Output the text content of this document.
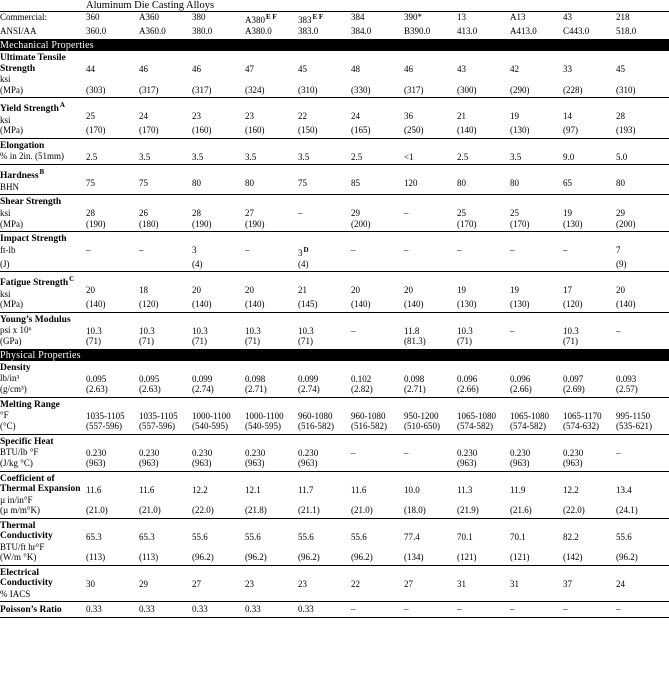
	Aluminum Die Casting Alloys										
Commercial:	360	A360	380	A380$^{E F}$	383$^{E F}$	384	390*	13	A13	43	218
ANSI/AA	360.0	A360.0	380.0	A380.0	383.0	384.0	B390.0	413.0	A413.0	C443.0	518.0
Mechanical Properties											

Ultimate Tensile Strength
ksi	44	46	46	47	45	48	46	43	42	33	45
(MPa)	(303)	(317)	(317)	(324)	(310)	(330)	(317)	(300)	(290)	(228)	(310)

Yield Strength$^A$
ksi	25	24	23	23	22	24	36	21	19	14	28
(MPa)	(170)	(170)	(160)	(160)	(150)	(165)	(250)	(140)	(130)	(97)	(193)

Elongation
% in 2in. (51mm)	2.5	3.5	3.5	3.5	3.5	2.5	<1	2.5	3.5	9.0	5.0

Hardness$^B$
BHN	75	75	80	80	75	85	120	80	80	65	80

Shear Strength
ksi	28	26	28	27	–	29	–	25	25	19	29
(MPa)	(190)	(180)	(190)	(190)		(200)		(170)	(170)	(130)	(200)

Impact Strength
ft-lb	–	–	3	–	3$^D$	–	–	–	–	–	7
(J)			(4)		(4)						(9)

Fatigue Strength$^C$
ksi	20	18	20	20	21	20	20	19	19	17	20
(MPa)	(140)	(120)	(140)	(140)	(145)	(140)	(140)	(130)	(130)	(120)	(140)

Young’s Modulus
psi x 10⁶	10.3	10.3	10.3	10.3	10.3	–	11.8	10.3	–	10.3	–
(GPa)	(71)	(71)	(71)	(71)	(71)		(81.3)	(71)		(71)	
Physical Properties											

Density
lb/in³	0.095	0.095	0.099	0.098	0.099	0.102	0.098	0.096	0.096	0.097	0.093
(g/cm³)	(2.63)	(2.63)	(2.74)	(2.71)	(2.74)	(2.82)	(2.71)	(2.66)	(2.66)	(2.69)	(2.57)

Melting Range
°F	1035-1105	1035-1105	1000-1100	1000-1100	960-1080	960-1080	950-1200	1065-1080	1065-1080	1065-1170	995-1150
(°C)	(557-596)	(557-596)	(540-595)	(540-595)	(516-582)	(516-582)	(510-650)	(574-582)	(574-582)	(574-632)	(535-621)

Specific Heat
BTU/lb °F	0.230	0.230	0.230	0.230	0.230	–	–	0.230	0.230	0.230	–
(J/kg °C)	(963)	(963)	(963)	(963)	(963)			(963)	(963)	(963)	

Coefficient of Thermal Expansion
µ in/in°F	11.6	11.6	12.2	12.1	11.7	11.6	10.0	11.3	11.9	12.2	13.4
(µ m/m°K)	(21.0)	(21.0)	(22.0)	(21.8)	(21.1)	(21.0)	(18.0)	(21.9)	(21.6)	(22.0)	(24.1)

Thermal Conductivity
BTU/ft hr°F	65.3	65.3	55.6	55.6	55.6	55.6	77.4	70.1	70.1	82.2	55.6
(W/m °K)	(113)	(113)	(96.2)	(96.2)	(96.2)	(96.2)	(134)	(121)	(121)	(142)	(96.2)

Electrical Conductivity
% IACS	30	29	27	23	23	22	27	31	31	37	24

Poisson’s Ratio	0.33	0.33	0.33	0.33	0.33	–	–	–	–	–	–
